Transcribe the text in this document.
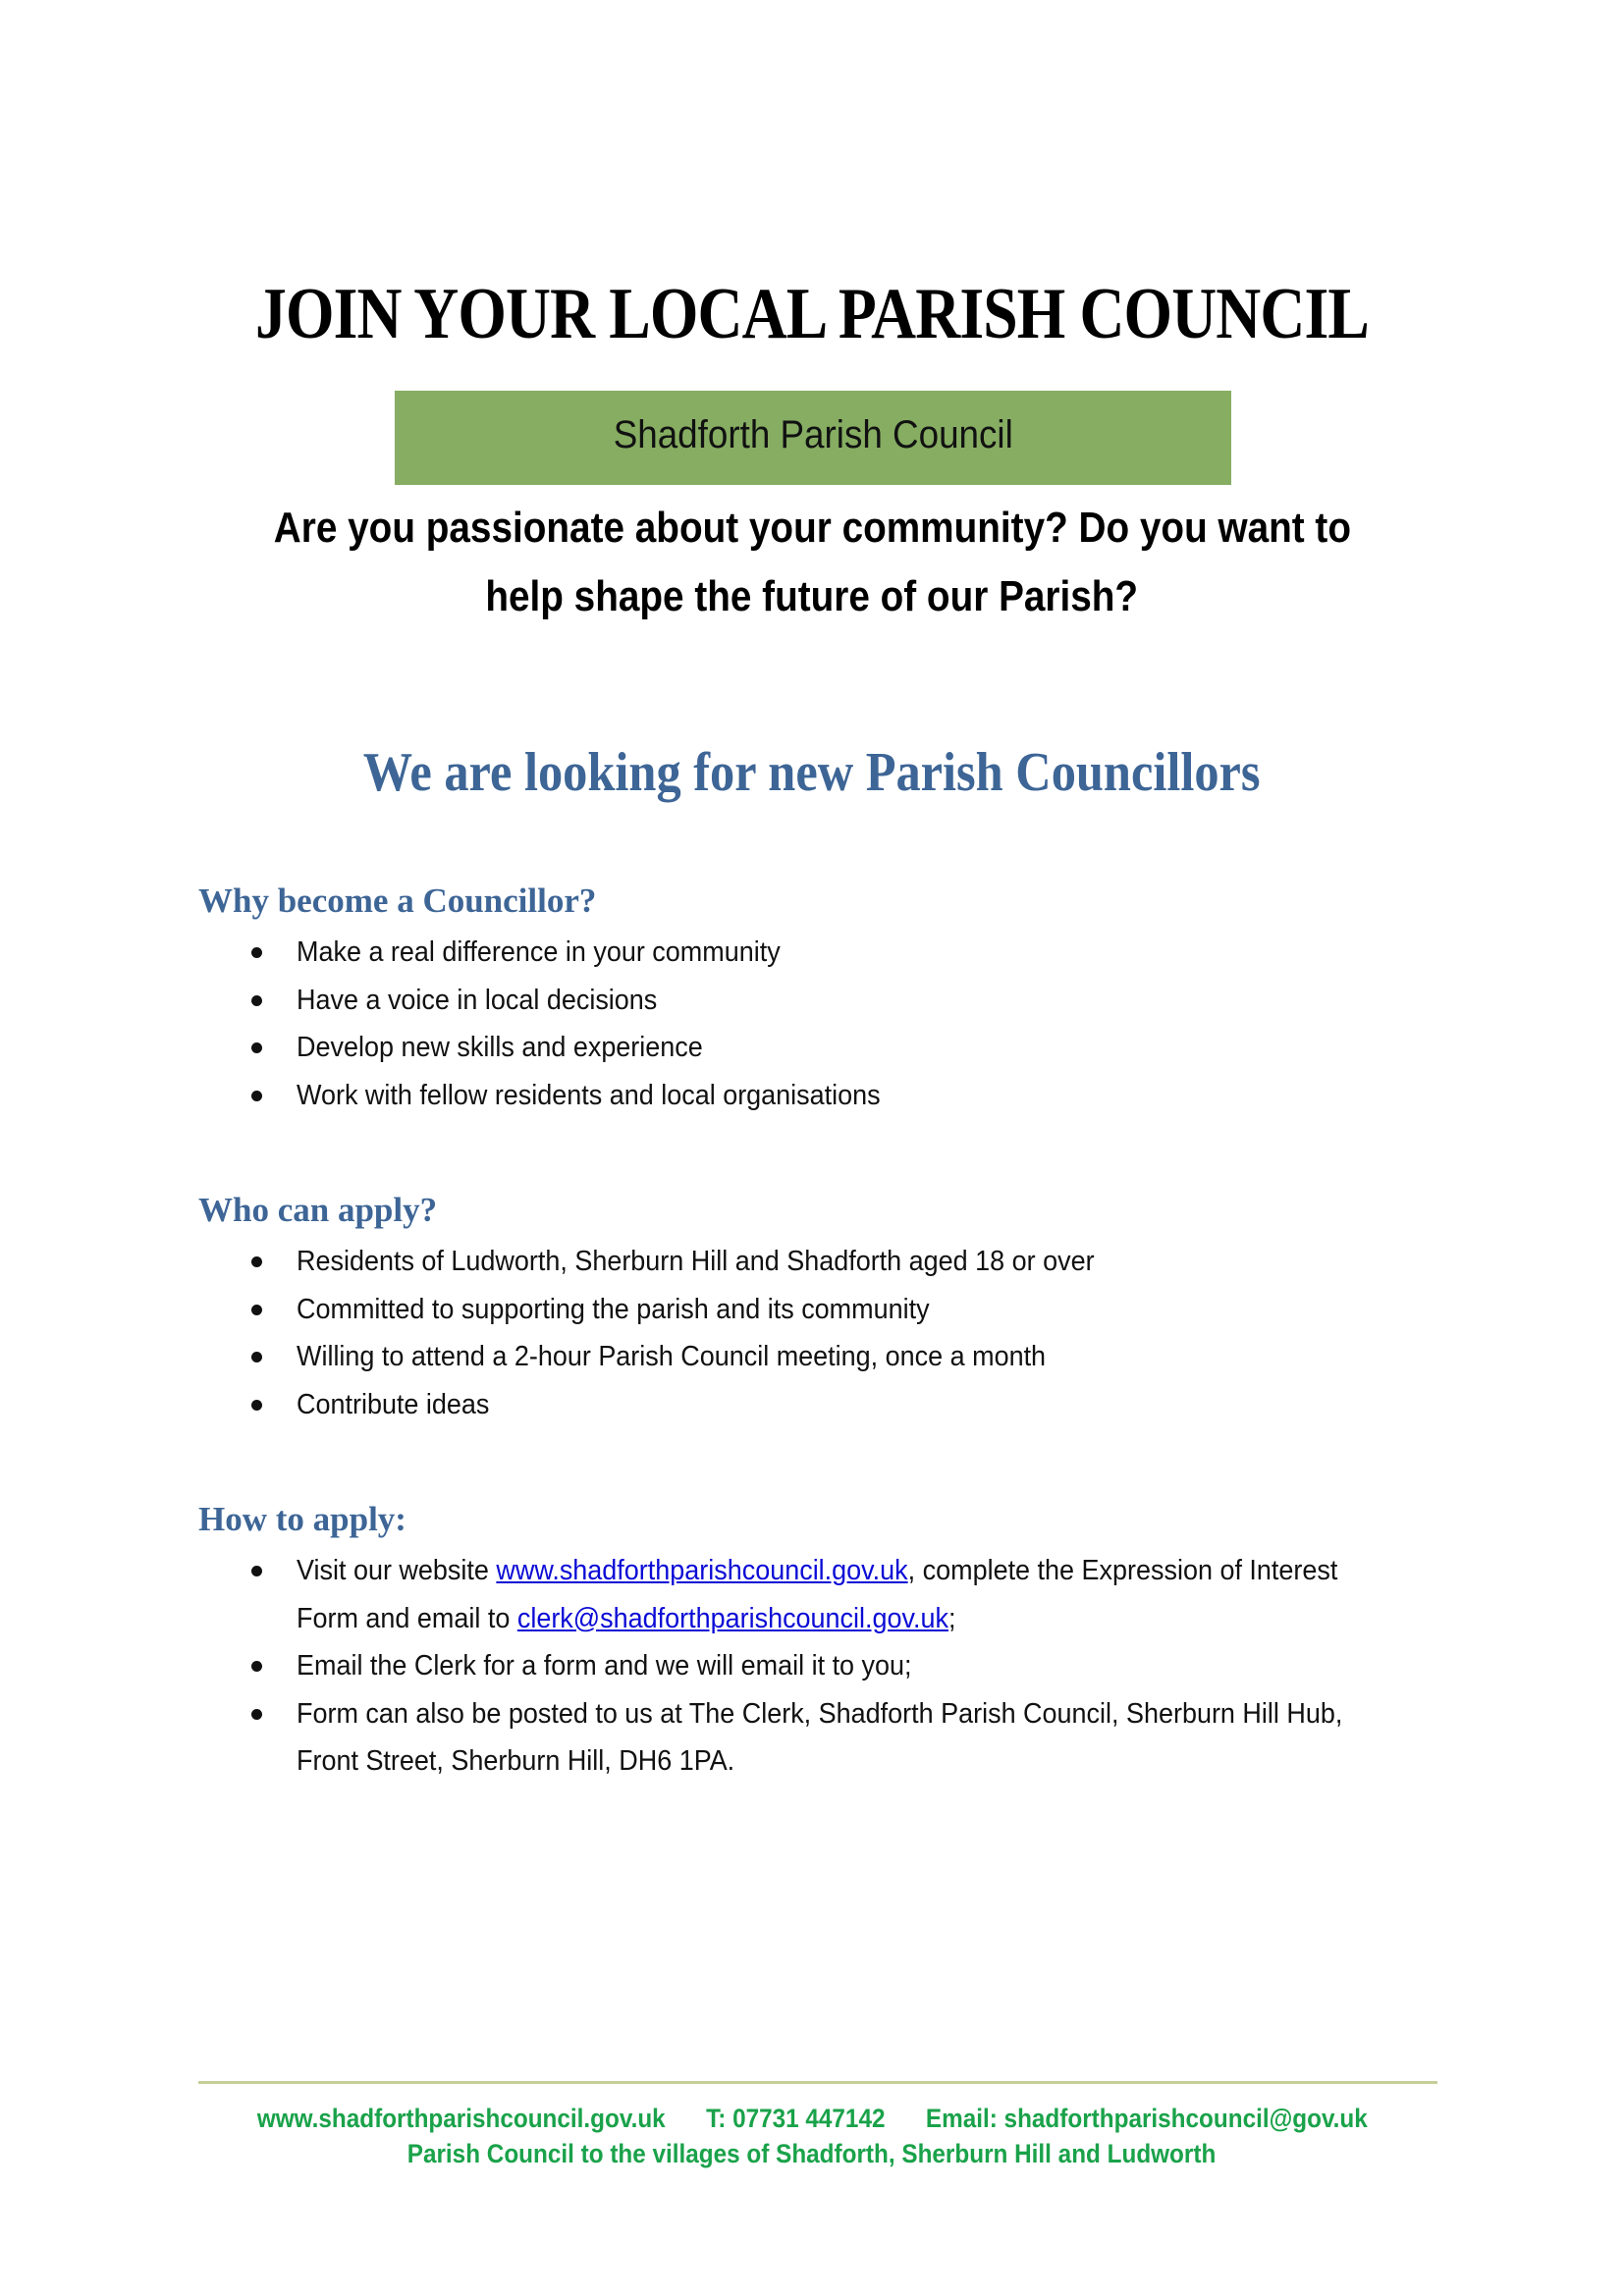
JOIN YOUR LOCAL PARISH COUNCIL
Shadforth Parish Council
Are you passionate about your community? Do you want to
help shape the future of our Parish?
We are looking for new Parish Councillors
Why become a Councillor?
Make a real difference in your community
Have a voice in local decisions
Develop new skills and experience
Work with fellow residents and local organisations
Who can apply?
Residents of Ludworth, Sherburn Hill and Shadforth aged 18 or over
Committed to supporting the parish and its community
Willing to attend a 2-hour Parish Council meeting, once a month
Contribute ideas
How to apply:
Visit our website www.shadforthparishcouncil.gov.uk, complete the Expression of Interest Form and email to clerk@shadforthparishcouncil.gov.uk;
Email the Clerk for a form and we will email it to you;
Form can also be posted to us at The Clerk, Shadforth Parish Council, Sherburn Hill Hub, Front Street, Sherburn Hill, DH6 1PA.
www.shadforthparishcouncil.gov.uk T: 07731 447142 Email: shadforthparishcouncil@gov.uk
Parish Council to the villages of Shadforth, Sherburn Hill and Ludworth
